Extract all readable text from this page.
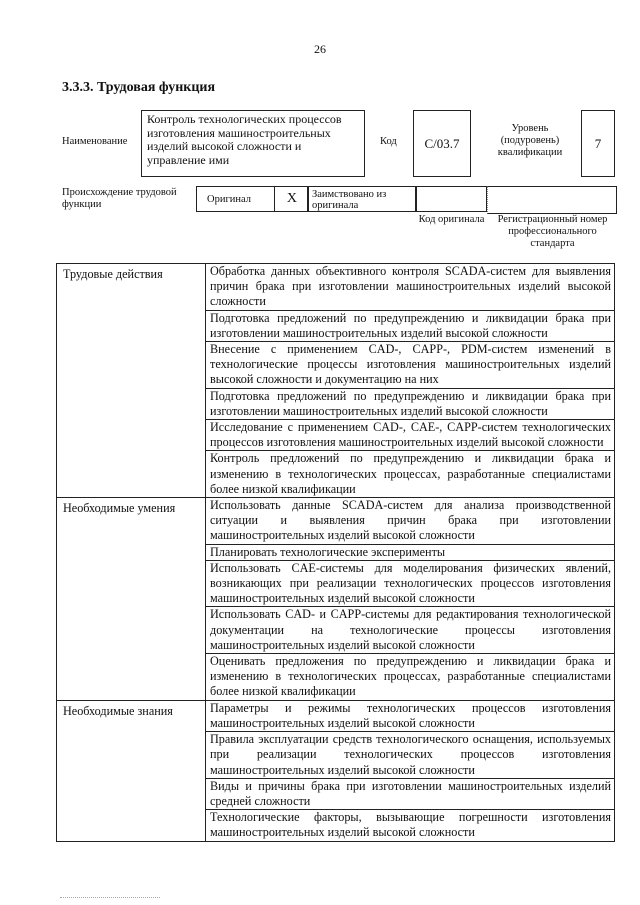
26
3.3.3. Трудовая функция
Наименование
Контроль технологических процессов изготовления машиностроительных изделий высокой сложности и управление ими
Код	С/03.7
Уровень (подуровень) квалификации
7
Происхождение трудовой функции	Оригинал	X	Заимствовано из оригинала
Код оригинала	Регистрационный номер профессионального стандарта
Трудовые действия	Обработка данных объективного контроля SCADA-систем для выявления причин брака при изготовлении машиностроительных изделий высокой сложности
	Подготовка предложений по предупреждению и ликвидации брака при изготовлении машиностроительных изделий высокой сложности
	Внесение с применением CAD-, CAPP-, PDM-систем изменений в технологические процессы изготовления машиностроительных изделий высокой сложности и документацию на них
	Подготовка предложений по предупреждению и ликвидации брака при изготовлении машиностроительных изделий высокой сложности
	Исследование с применением CAD-, CAE-, CAPP-систем технологических процессов изготовления машиностроительных изделий высокой сложности
	Контроль предложений по предупреждению и ликвидации брака и изменению в технологических процессах, разработанные специалистами более низкой квалификации
Необходимые умения	Использовать данные SCADA-систем для анализа производственной ситуации и выявления причин брака при изготовлении машиностроительных изделий высокой сложности
	Планировать технологические эксперименты
	Использовать CAE-системы для моделирования физических явлений, возникающих при реализации технологических процессов изготовления машиностроительных изделий высокой сложности
	Использовать CAD- и CAPP-системы для редактирования технологической документации на технологические процессы изготовления машиностроительных изделий высокой сложности
	Оценивать предложения по предупреждению и ликвидации брака и изменению в технологических процессах, разработанные специалистами более низкой квалификации
Необходимые знания	Параметры и режимы технологических процессов изготовления машиностроительных изделий высокой сложности
	Правила эксплуатации средств технологического оснащения, используемых при реализации технологических процессов изготовления машиностроительных изделий высокой сложности
	Виды и причины брака при изготовлении машиностроительных изделий средней сложности
	Технологические факторы, вызывающие погрешности изготовления машиностроительных изделий высокой сложности
